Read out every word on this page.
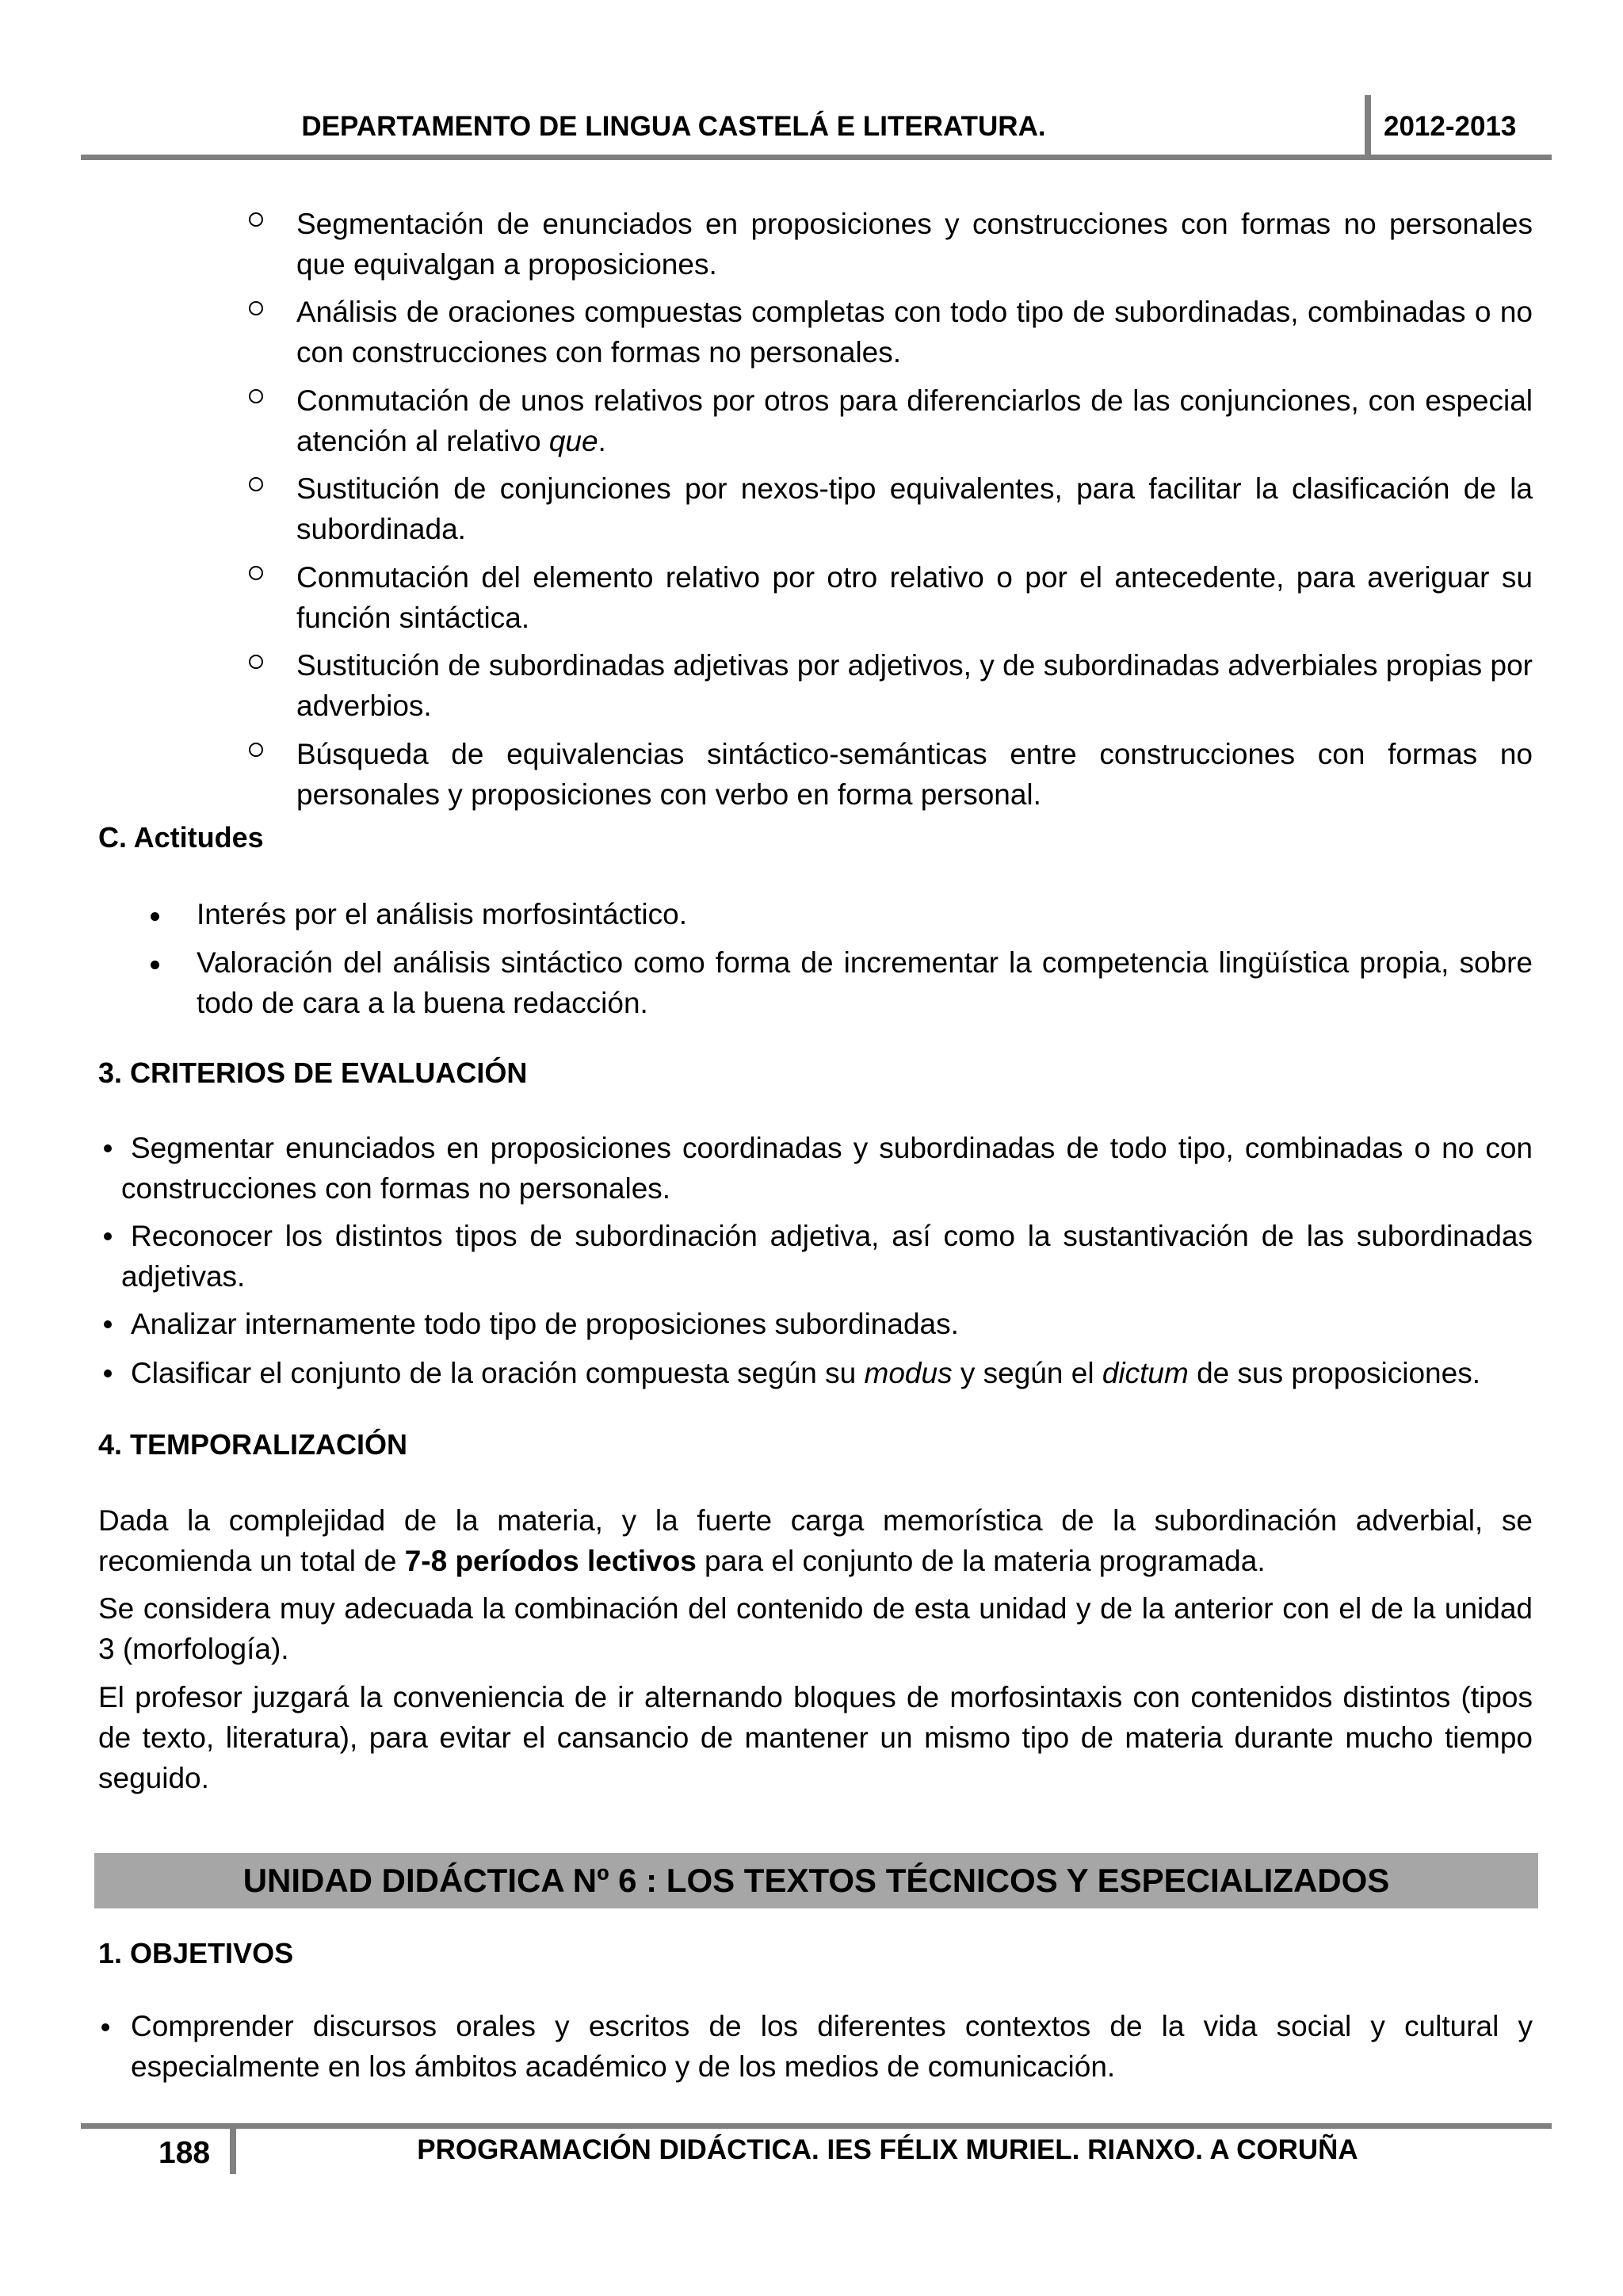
DEPARTAMENTO DE LINGUA CASTELÁ E LITERATURA.	2012-2013
Segmentación de enunciados en proposiciones y construcciones con formas no personales que equivalgan a proposiciones.
Análisis de oraciones compuestas completas con todo tipo de subordinadas, combinadas o no con construcciones con formas no personales.
Conmutación de unos relativos por otros para diferenciarlos de las conjunciones, con especial atención al relativo que.
Sustitución de conjunciones por nexos-tipo equivalentes, para facilitar la clasificación de la subordinada.
Conmutación del elemento relativo por otro relativo o por el antecedente, para averiguar su función sintáctica.
Sustitución de subordinadas adjetivas por adjetivos, y de subordinadas adverbiales propias por adverbios.
Búsqueda de equivalencias sintáctico-semánticas entre construcciones con formas no personales y proposiciones con verbo en forma personal.
C. Actitudes
Interés por el análisis morfosintáctico.
Valoración del análisis sintáctico como forma de incrementar la competencia lingüística propia, sobre todo de cara a la buena redacción.
3. CRITERIOS DE EVALUACIÓN
Segmentar enunciados en proposiciones coordinadas y subordinadas de todo tipo, combinadas o no con construcciones con formas no personales.
Reconocer los distintos tipos de subordinación adjetiva, así como la sustantivación de las subordinadas adjetivas.
Analizar internamente todo tipo de proposiciones subordinadas.
Clasificar el conjunto de la oración compuesta según su modus y según el dictum de sus proposiciones.
4. TEMPORALIZACIÓN
Dada la complejidad de la materia, y la fuerte carga memorística de la subordinación adverbial, se recomienda un total de 7-8 períodos lectivos para el conjunto de la materia programada.
Se considera muy adecuada la combinación del contenido de esta unidad y de la anterior con el de la unidad 3 (morfología).
El profesor juzgará la conveniencia de ir alternando bloques de morfosintaxis con contenidos distintos (tipos de texto, literatura), para evitar el cansancio de mantener un mismo tipo de materia durante mucho tiempo seguido.
UNIDAD DIDÁCTICA Nº 6 : LOS TEXTOS TÉCNICOS Y ESPECIALIZADOS
1. OBJETIVOS
Comprender discursos orales y escritos de los diferentes contextos de la vida social y cultural y especialmente en los ámbitos académico y de los medios de comunicación.
188	PROGRAMACIÓN DIDÁCTICA. IES FÉLIX MURIEL. RIANXO. A CORUÑA
